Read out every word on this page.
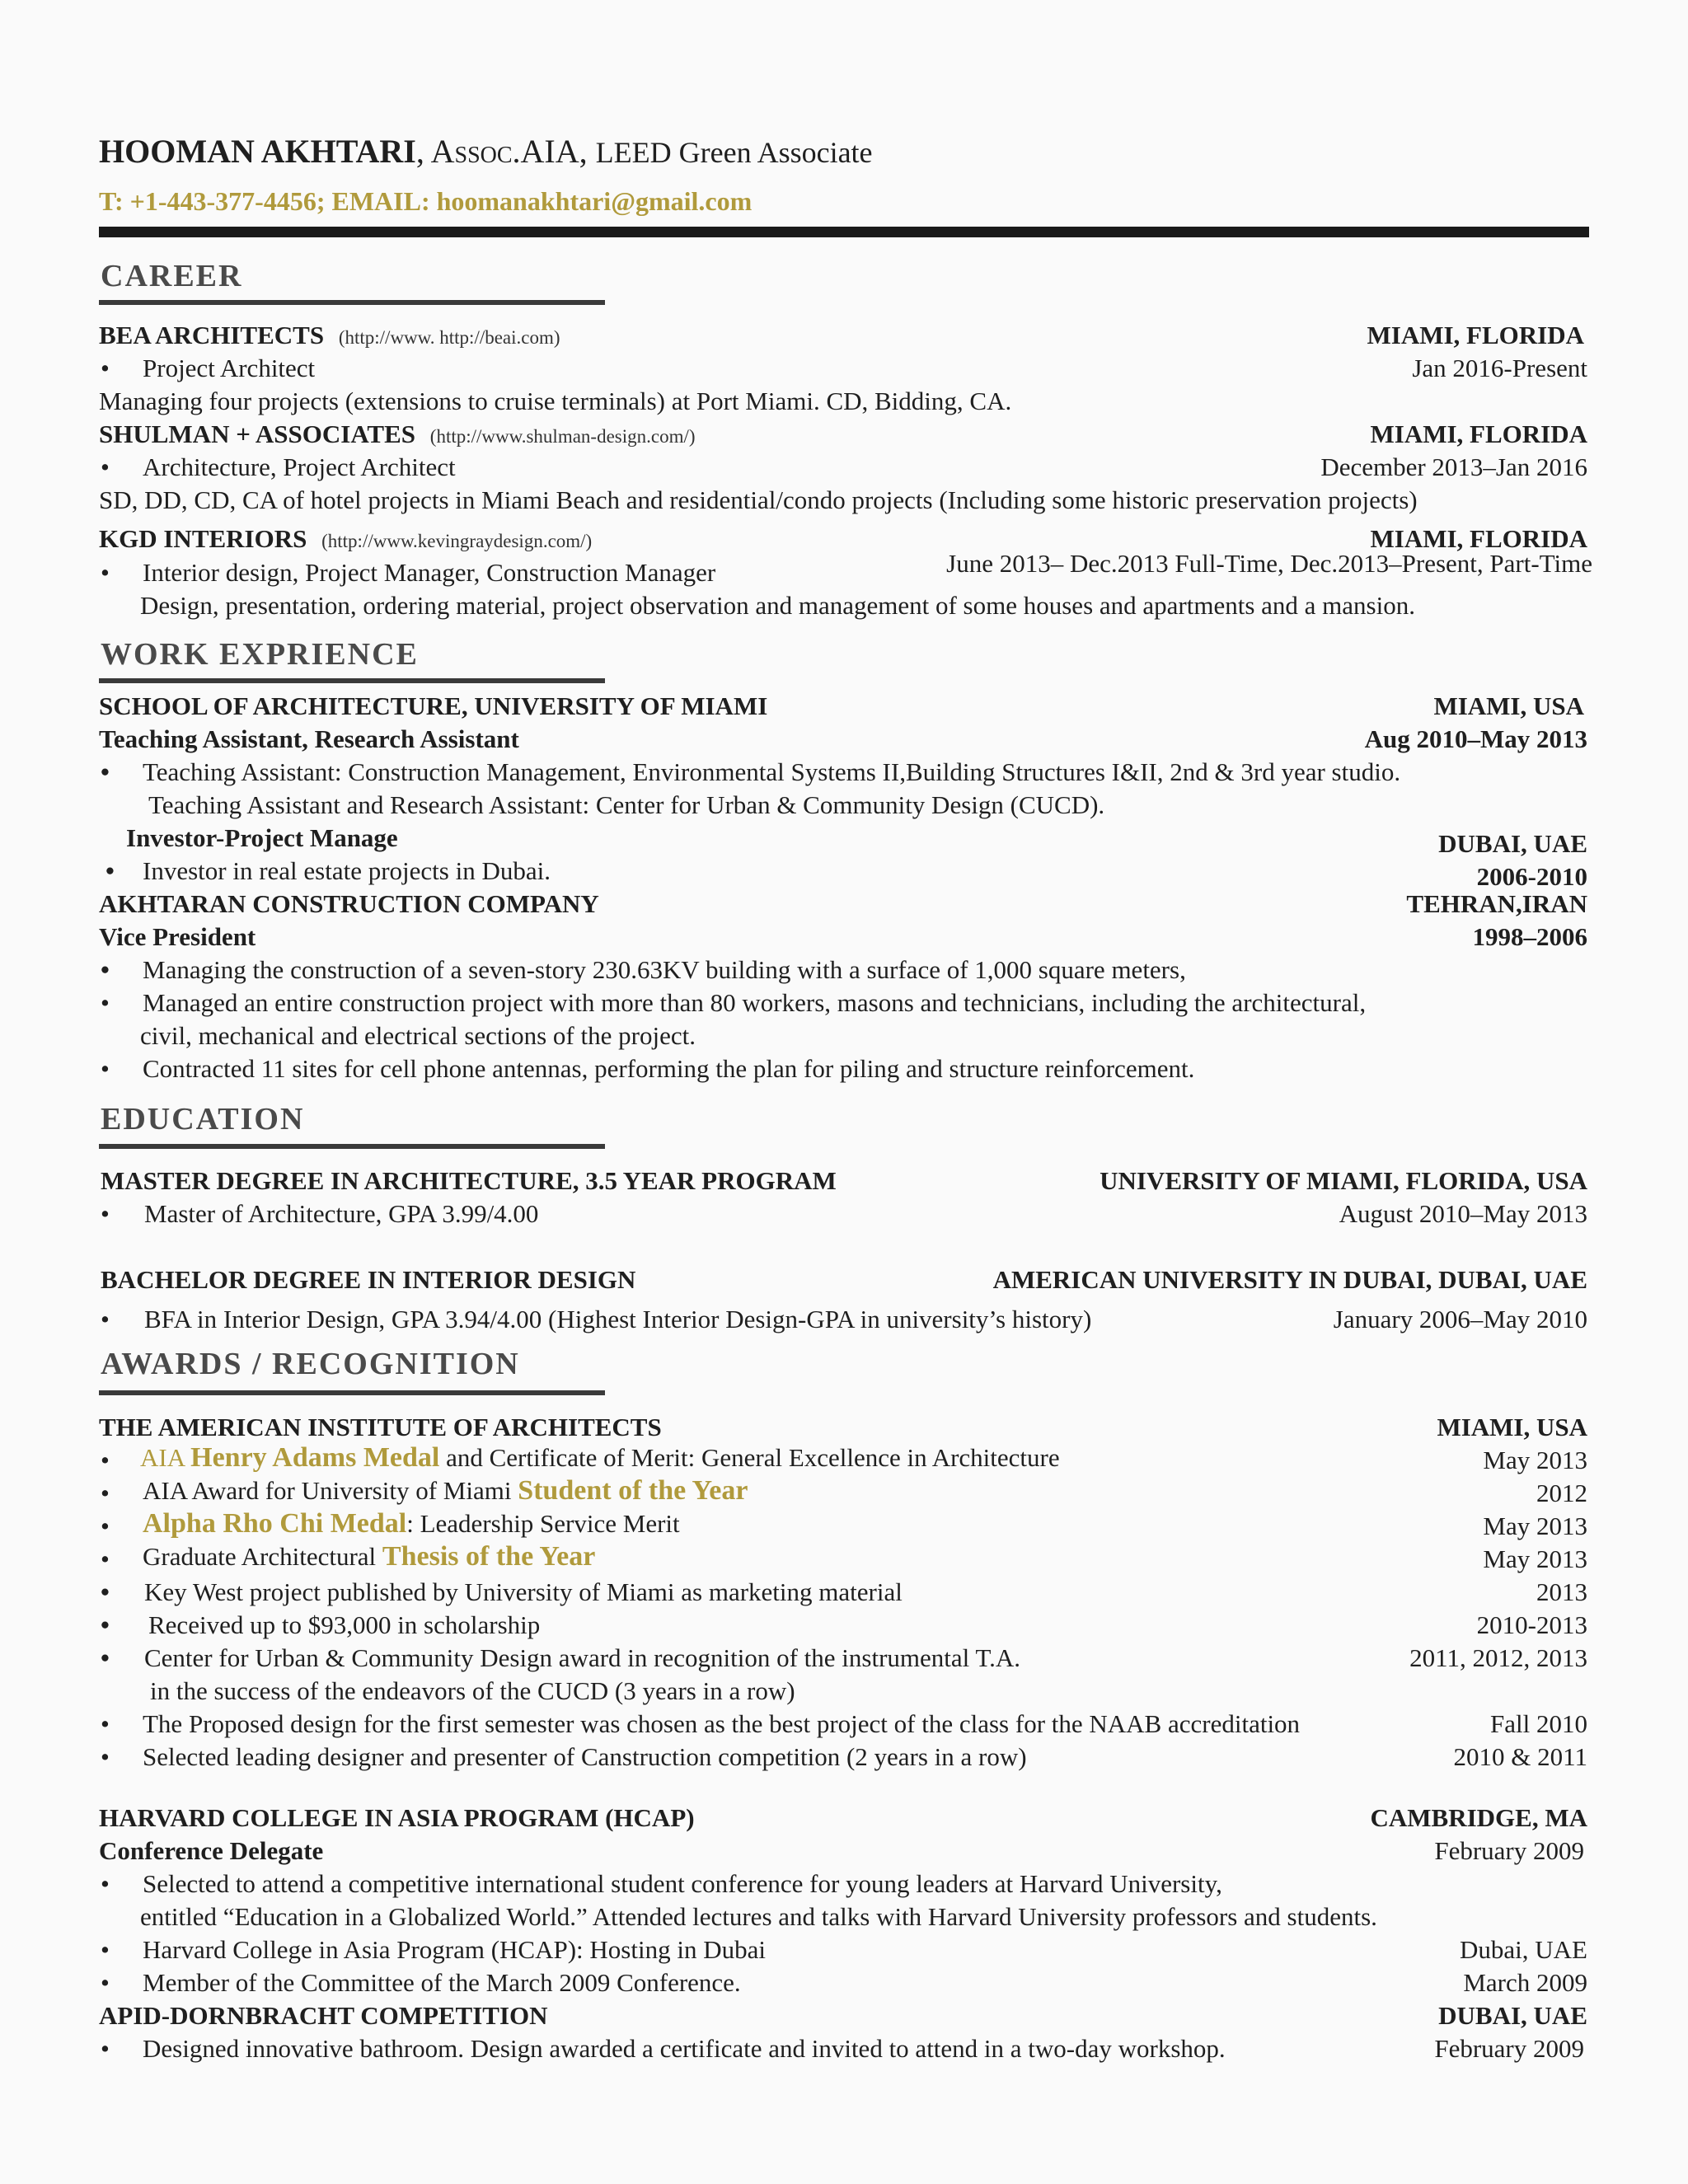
HOOMAN AKHTARI, Assoc.AIA, LEED Green Associate
T: +1-443-377-4456; EMAIL: hoomanakhtari@gmail.com
CAREER
BEA ARCHITECTS (http://www. http://beai.com)	MIAMI, FLORIDA
• Project Architect	Jan 2016-Present
Managing four projects (extensions to cruise terminals) at Port Miami. CD, Bidding, CA.
SHULMAN + ASSOCIATES (http://www.shulman-design.com/)	MIAMI, FLORIDA
• Architecture, Project Architect	December 2013–Jan 2016
SD, DD, CD, CA of hotel projects in Miami Beach and residential/condo projects (Including some historic preservation projects)
KGD INTERIORS (http://www.kevingraydesign.com/)	MIAMI, FLORIDA
June 2013– Dec.2013 Full-Time, Dec.2013–Present, Part-Time
• Interior design, Project Manager, Construction Manager
Design, presentation, ordering material, project observation and management of some houses and apartments and a mansion.
WORK EXPRIENCE
SCHOOL OF ARCHITECTURE, UNIVERSITY OF MIAMI	MIAMI, USA
Teaching Assistant, Research Assistant	Aug 2010–May 2013
• Teaching Assistant: Construction Management, Environmental Systems II,Building Structures I&II, 2nd & 3rd year studio.
Teaching Assistant and Research Assistant: Center for Urban & Community Design (CUCD).
Investor-Project Manage	DUBAI, UAE
• Investor in real estate projects in Dubai.	2006-2010
AKHTARAN CONSTRUCTION COMPANY	TEHRAN,IRAN
Vice President	1998–2006
• Managing the construction of a seven-story 230.63KV building with a surface of 1,000 square meters,
• Managed an entire construction project with more than 80 workers, masons and technicians, including the architectural,
civil, mechanical and electrical sections of the project.
• Contracted 11 sites for cell phone antennas, performing the plan for piling and structure reinforcement.
EDUCATION
MASTER DEGREE IN ARCHITECTURE, 3.5 YEAR PROGRAM	UNIVERSITY OF MIAMI, FLORIDA, USA
• Master of Architecture, GPA 3.99/4.00	August 2010–May 2013
BACHELOR DEGREE IN INTERIOR DESIGN	AMERICAN UNIVERSITY IN DUBAI, DUBAI, UAE
• BFA in Interior Design, GPA 3.94/4.00 (Highest Interior Design-GPA in university’s history)	January 2006–May 2010
AWARDS / RECOGNITION
THE AMERICAN INSTITUTE OF ARCHITECTS	MIAMI, USA
• AIA Henry Adams Medal and Certificate of Merit: General Excellence in Architecture	May 2013
• AIA Award for University of Miami Student of the Year	2012
• Alpha Rho Chi Medal: Leadership Service Merit	May 2013
• Graduate Architectural Thesis of the Year	May 2013
• Key West project published by University of Miami as marketing material	2013
• Received up to $93,000 in scholarship	2010-2013
• Center for Urban & Community Design award in recognition of the instrumental T.A.	2011, 2012, 2013
in the success of the endeavors of the CUCD (3 years in a row)
• The Proposed design for the first semester was chosen as the best project of the class for the NAAB accreditation	Fall 2010
• Selected leading designer and presenter of Canstruction competition (2 years in a row)	2010 & 2011
HARVARD COLLEGE IN ASIA PROGRAM (HCAP)	CAMBRIDGE, MA
Conference Delegate	February 2009
• Selected to attend a competitive international student conference for young leaders at Harvard University,
entitled “Education in a Globalized World.” Attended lectures and talks with Harvard University professors and students.
• Harvard College in Asia Program (HCAP): Hosting in Dubai	Dubai, UAE
• Member of the Committee of the March 2009 Conference.	March 2009
APID-DORNBRACHT COMPETITION	DUBAI, UAE
• Designed innovative bathroom. Design awarded a certificate and invited to attend in a two-day workshop.	February 2009
